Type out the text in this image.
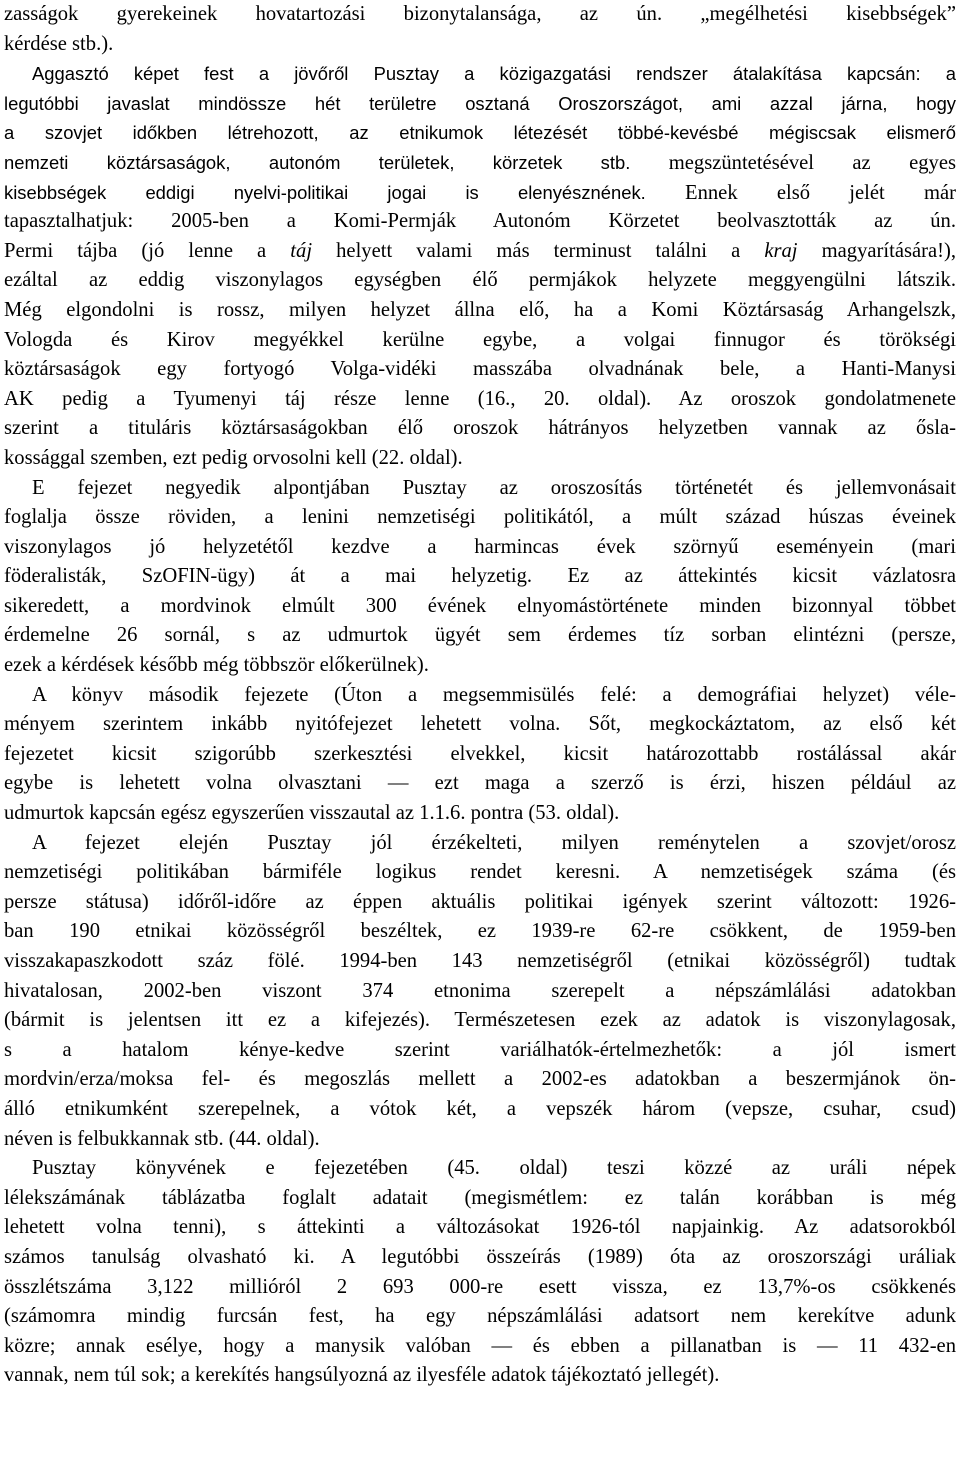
zasságok gyerekeinek hovatartozási bizonytalansága, az ún. „megélhetési kisebbségek”
kérdése stb.).
Aggasztó képet fest a jövőről Pusztay a közigazgatási rendszer átalakítása kapcsán: a
legutóbbi javaslat mindössze hét területre osztaná Oroszországot, ami azzal járna, hogy
a szovjet időkben létrehozott, az etnikumok létezését többé-kevésbé mégiscsak elismerő
nemzeti köztársaságok, autonóm területek, körzetek stb. megszüntetésével az egyes
kisebbségek eddigi nyelvi-politikai jogai is elenyésznének. Ennek első jelét már
tapasztalhatjuk: 2005-ben a Komi-Permják Autonóm Körzetet beolvasztották az ún.
Permi tájba (jó lenne a táj helyett valami más terminust találni a kraj magyarítására!),
ezáltal az eddig viszonylagos egységben élő permjákok helyzete meggyengülni látszik.
Még elgondolni is rossz, milyen helyzet állna elő, ha a Komi Köztársaság Arhangelszk,
Vologda és Kirov megyékkel kerülne egybe, a volgai finnugor és törökségi
köztársaságok egy fortyogó Volga-vidéki masszába olvadnának bele, a Hanti-Manysi
AK pedig a Tyumenyi táj része lenne (16., 20. oldal). Az oroszok gondolatmenete
szerint a tituláris köztársaságokban élő oroszok hátrányos helyzetben vannak az ősla-
kossággal szemben, ezt pedig orvosolni kell (22. oldal).
E fejezet negyedik alpontjában Pusztay az oroszosítás történetét és jellemvonásait
foglalja össze röviden, a lenini nemzetiségi politikától, a múlt század húszas éveinek
viszonylagos jó helyzetétől kezdve a harmincas évek szörnyű eseményein (mari
föderalisták, SzOFIN-ügy) át a mai helyzetig. Ez az áttekintés kicsit vázlatosra
sikeredett, a mordvinok elmúlt 300 évének elnyomástörténete minden bizonnyal többet
érdemelne 26 sornál, s az udmurtok ügyét sem érdemes tíz sorban elintézni (persze,
ezek a kérdések később még többször előkerülnek).
A könyv második fejezete (Úton a megsemmisülés felé: a demográfiai helyzet) véle-
ményem szerintem inkább nyitófejezet lehetett volna. Sőt, megkockáztatom, az első két
fejezetet kicsit szigorúbb szerkesztési elvekkel, kicsit határozottabb rostálással akár
egybe is lehetett volna olvasztani — ezt maga a szerző is érzi, hiszen például az
udmurtok kapcsán egész egyszerűen visszautal az 1.1.6. pontra (53. oldal).
A fejezet elején Pusztay jól érzékelteti, milyen reménytelen a szovjet/orosz
nemzetiségi politikában bármiféle logikus rendet keresni. A nemzetiségek száma (és
persze státusa) időről-időre az éppen aktuális politikai igények szerint változott: 1926-
ban 190 etnikai közösségről beszéltek, ez 1939-re 62-re csökkent, de 1959-ben
visszakapaszkodott száz fölé. 1994-ben 143 nemzetiségről (etnikai közösségről) tudtak
hivatalosan, 2002-ben viszont 374 etnonima szerepelt a népszámlálási adatokban
(bármit is jelentsen itt ez a kifejezés). Természetesen ezek az adatok is viszonylagosak,
s a hatalom kénye-kedve szerint variálhatók-értelmezhetők: a jól ismert
mordvin/erza/moksa fel- és megoszlás mellett a 2002-es adatokban a beszermjánok ön-
álló etnikumként szerepelnek, a vótok két, a vepszék három (vepsze, csuhar, csud)
néven is felbukkannak stb. (44. oldal).
Pusztay könyvének e fejezetében (45. oldal) teszi közzé az uráli népek
lélekszámának táblázatba foglalt adatait (megismétlem: ez talán korábban is még
lehetett volna tenni), s áttekinti a változásokat 1926-tól napjainkig. Az adatsorokból
számos tanulság olvasható ki. A legutóbbi összeírás (1989) óta az oroszországi uráliak
összlétszáma 3,122 millióról 2 693 000-re esett vissza, ez 13,7%-os csökkenés
(számomra mindig furcsán fest, ha egy népszámlálási adatsort nem kerekítve adunk
közre; annak esélye, hogy a manysik valóban — és ebben a pillanatban is — 11 432-en
vannak, nem túl sok; a kerekítés hangsúlyozná az ilyesféle adatok tájékoztató jellegét).
